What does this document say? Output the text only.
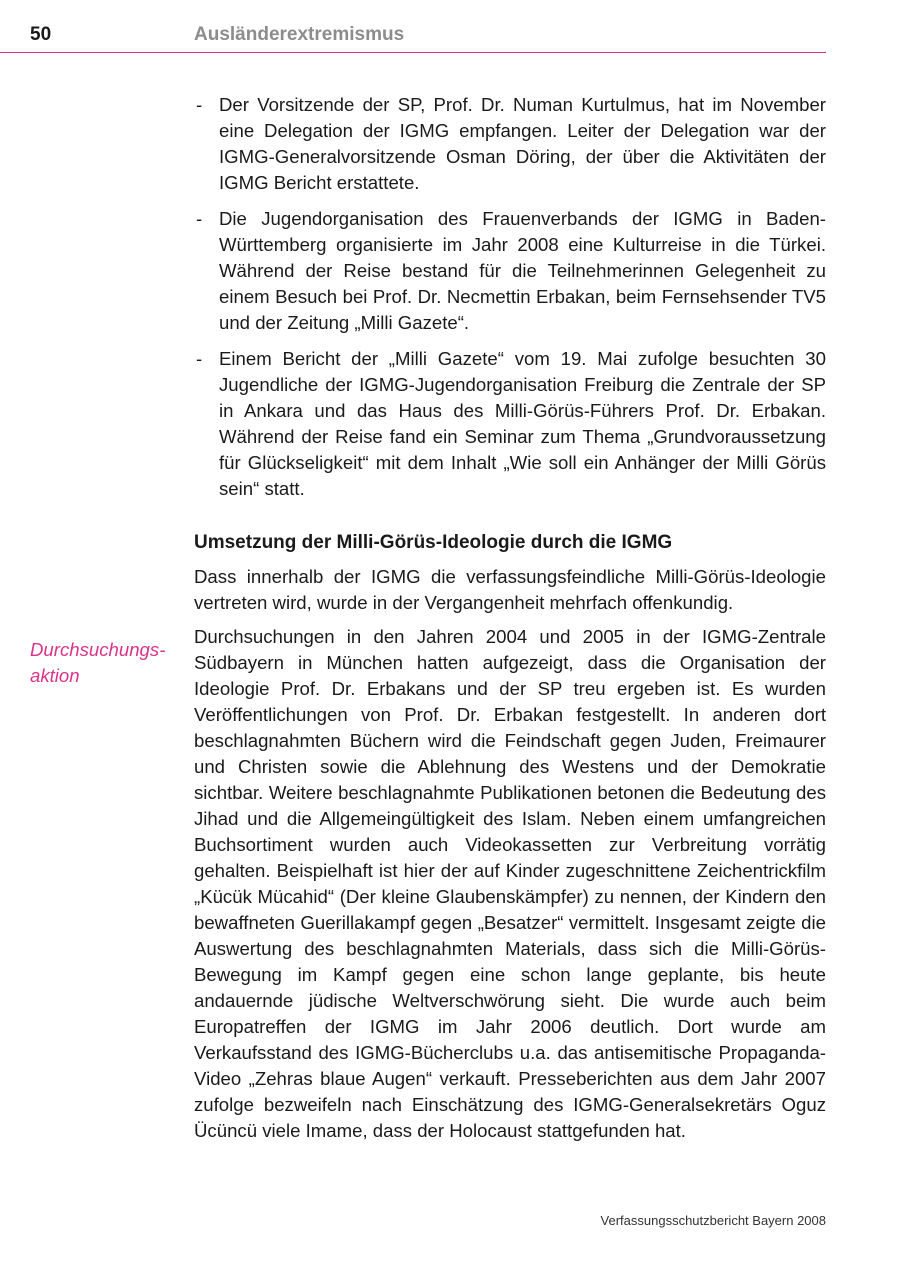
50	Ausländerextremismus
Durchsuchungs-
aktion
- Der Vorsitzende der SP, Prof. Dr. Numan Kurtulmus, hat im November eine Delegation der IGMG empfangen. Leiter der Delegation war der IGMG-Generalvorsitzende Osman Döring, der über die Aktivitäten der IGMG Bericht erstattete.
- Die Jugendorganisation des Frauenverbands der IGMG in Baden-Württemberg organisierte im Jahr 2008 eine Kulturreise in die Türkei. Während der Reise bestand für die Teilnehmerinnen Gelegenheit zu einem Besuch bei Prof. Dr. Necmettin Erbakan, beim Fernsehsender TV5 und der Zeitung „Milli Gazete“.
- Einem Bericht der „Milli Gazete“ vom 19. Mai zufolge besuchten 30 Jugendliche der IGMG-Jugendorganisation Freiburg die Zentrale der SP in Ankara und das Haus des Milli-Görüs-Führers Prof. Dr. Erbakan. Während der Reise fand ein Seminar zum Thema „Grundvoraussetzung für Glückseligkeit“ mit dem Inhalt „Wie soll ein Anhänger der Milli Görüs sein“ statt.
Umsetzung der Milli-Görüs-Ideologie durch die IGMG

Dass innerhalb der IGMG die verfassungsfeindliche Milli-Görüs-Ideologie vertreten wird, wurde in der Vergangenheit mehrfach offenkundig.

Durchsuchungen in den Jahren 2004 und 2005 in der IGMG-Zentrale Südbayern in München hatten aufgezeigt, dass die Organisation der Ideologie Prof. Dr. Erbakans und der SP treu ergeben ist. Es wurden Veröffentlichungen von Prof. Dr. Erbakan festgestellt. In anderen dort beschlagnahmten Büchern wird die Feindschaft gegen Juden, Freimaurer und Christen sowie die Ablehnung des Westens und der Demokratie sichtbar. Weitere beschlagnahmte Publikationen betonen die Bedeutung des Jihad und die Allgemeingültigkeit des Islam. Neben einem umfangreichen Buchsortiment wurden auch Videokassetten zur Verbreitung vorrätig gehalten. Beispielhaft ist hier der auf Kinder zugeschnittene Zeichentrickfilm „Kücük Mücahid“ (Der kleine Glaubenskämpfer) zu nennen, der Kindern den bewaffneten Guerillakampf gegen „Besatzer“ vermittelt. Insgesamt zeigte die Auswertung des beschlagnahmten Materials, dass sich die Milli-Görüs-Bewegung im Kampf gegen eine schon lange geplante, bis heute andauernde jüdische Weltverschwörung sieht. Die wurde auch beim Europatreffen der IGMG im Jahr 2006 deutlich. Dort wurde am Verkaufsstand des IGMG-Bücherclubs u.a. das antisemitische Propaganda-Video „Zehras blaue Augen“ verkauft. Presseberichten aus dem Jahr 2007 zufolge bezweifeln nach Einschätzung des IGMG-Generalsekretärs Oguz Ücüncü viele Imame, dass der Holocaust stattgefunden hat.

Verfassungsschutzbericht Bayern 2008
